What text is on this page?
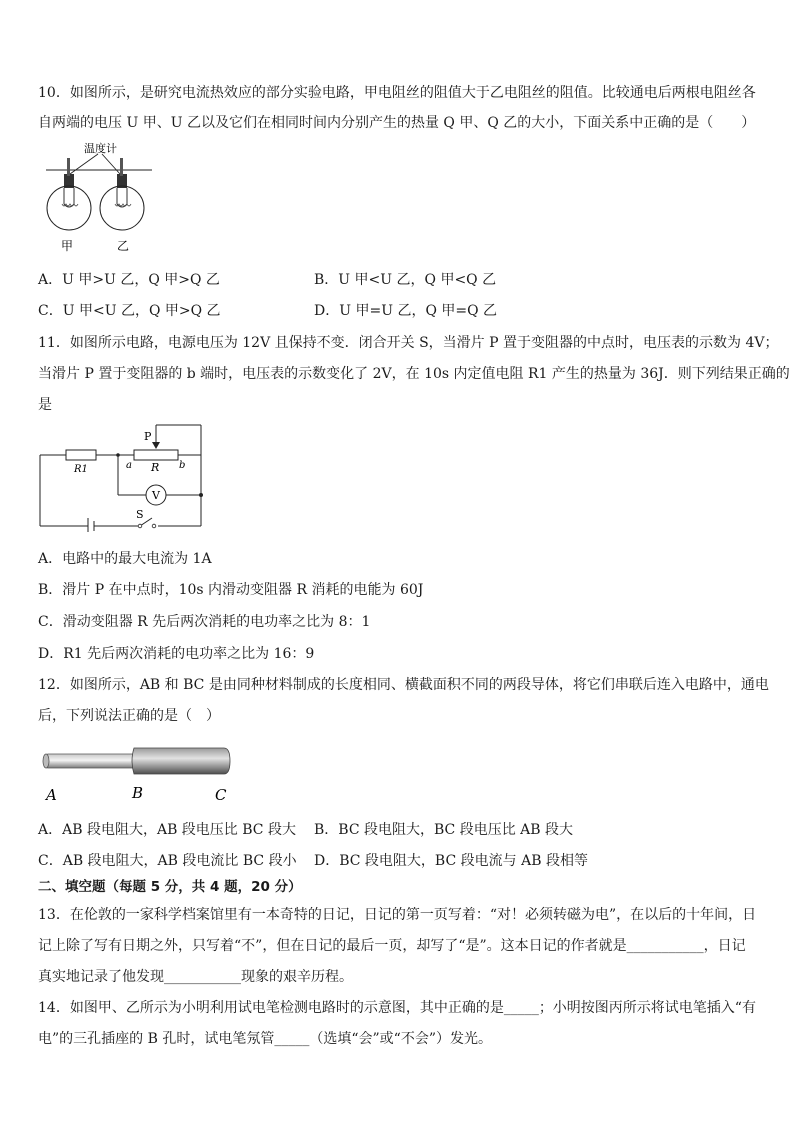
10．如图所示，是研究电流热效应的部分实验电路，甲电阻丝的阻值大于乙电阻丝的阻值。比较通电后两根电阻丝各
自两端的电压 U 甲、U 乙以及它们在相同时间内分别产生的热量 Q 甲、Q 乙的大小，下面关系中正确的是（　　）
温度计
甲	乙
A．U 甲>U 乙，Q 甲>Q 乙	B．U 甲<U 乙，Q 甲<Q 乙
C．U 甲<U 乙，Q 甲>Q 乙	D．U 甲=U 乙，Q 甲=Q 乙
11．如图所示电路，电源电压为 12V 且保持不变．闭合开关 S，当滑片 P 置于变阻器的中点时，电压表的示数为 4V；
当滑片 P 置于变阻器的 b 端时，电压表的示数变化了 2V，在 10s 内定值电阻 R1 产生的热量为 36J．则下列结果正确的
是
P
R1	a R b
V
S
A．电路中的最大电流为 1A
B．滑片 P 在中点时，10s 内滑动变阻器 R 消耗的电能为 60J
C．滑动变阻器 R 先后两次消耗的电功率之比为 8：1
D．R1 先后两次消耗的电功率之比为 16：9
12．如图所示，AB 和 BC 是由同种材料制成的长度相同、横截面积不同的两段导体，将它们串联后连入电路中，通电
后，下列说法正确的是（　）
A	B	C
A．AB 段电阻大，AB 段电压比 BC 段大 B．BC 段电阻大，BC 段电压比 AB 段大
C．AB 段电阻大，AB 段电流比 BC 段小 D．BC 段电阻大，BC 段电流与 AB 段相等
二、填空题（每题 5 分，共 4 题，20 分）
13．在伦敦的一家科学档案馆里有一本奇特的日记，日记的第一页写着：“对！必须转磁为电”，在以后的十年间，日
记上除了写有日期之外，只写着“不”，但在日记的最后一页，却写了“是”。这本日记的作者就是___________，日记
真实地记录了他发现___________现象的艰辛历程。
14．如图甲、乙所示为小明利用试电笔检测电路时的示意图，其中正确的是_____；小明按图丙所示将试电笔插入“有
电”的三孔插座的 B 孔时，试电笔氖管_____（选填“会”或“不会”）发光。
